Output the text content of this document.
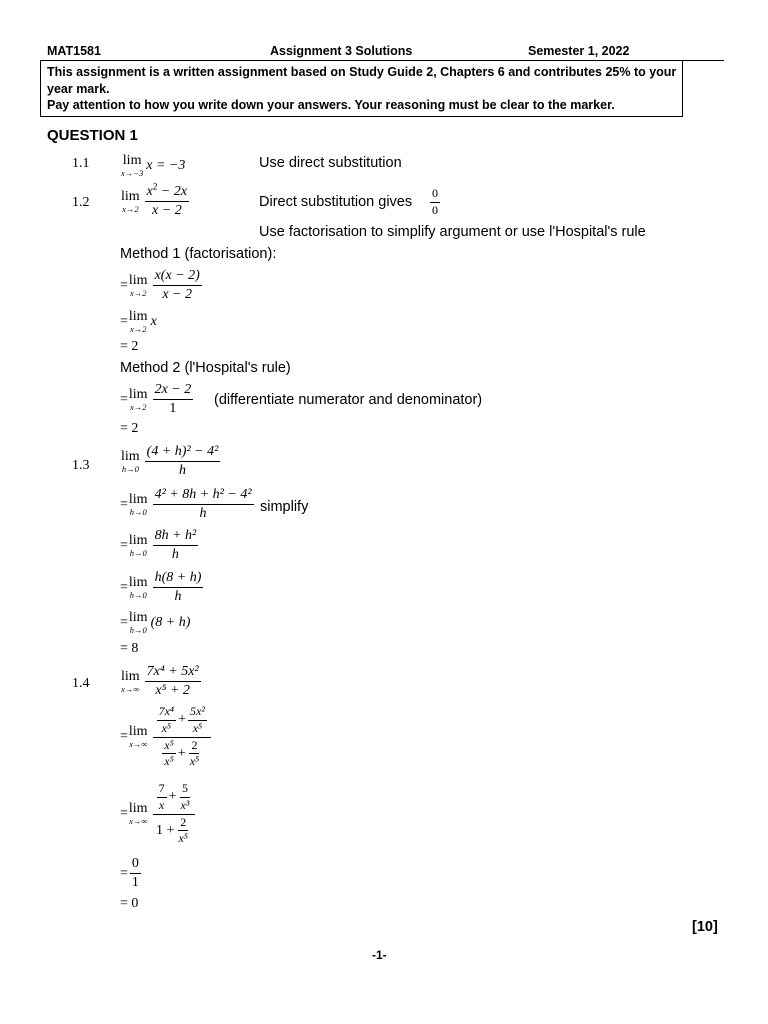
MAT1581	Assignment 3 Solutions	Semester 1, 2022
This assignment is a written assignment based on Study Guide 2, Chapters 6 and contributes 25% to your
year mark.
Pay attention to how you write down your answers. Your reasoning must be clear to the marker.
QUESTION 1
1.1 lim
x→−3
x = −3	Use direct substitution
1.2 lim
$x\to 2 \frac{x^2 - 2x}{x - 2}$	Direct substitution gives $\frac{0}{0}$
Use factorisation to simplify argument or use l'Hospital's rule
Method 1 (factorisation):
= lim
$x\to 2 \frac{x(x - 2)}{x - 2}$
= lim
x→2
x
= 2
Method 2 (l'Hospital's rule)
= lim
$x\to 2 \frac{2x - 2}{1}$ (differentiate numerator and denominator)
= 2
1.3
lim
$h\to 0 \frac{\text{(4 + h)² − 4²}}{h}$
= lim
$h\to 0 \frac{\text{4² + 8h + h² − 4²}}{h}$ simplify
= lim
$h\to 0 \frac{\text{8h + h²}}{h}$
= lim
$h\to 0 \frac{h(8 + h)}{h}$
= lim
h→0
(8 + h)
= 8
1.4 lim
$x\to\infty \frac{\text{7x⁴ + 5x²}}{\text{x⁵ + 2}}$
= lim
$x\to\infty \frac{\frac{\text{7x⁴}}{\text{x⁵}} + \frac{\text{5x²}}{\text{x⁵}}}{\frac{\text{x⁵}}{\text{x⁵}} + \frac{2}{\text{x⁵}}}$
= lim
$x\to\infty \frac{\frac{7}{x} + \frac{5}{\text{x³}}}{1 + \frac{2}{\text{x⁵}}}$
= $\frac{0}{1}$
= 0
[10]
-1-
